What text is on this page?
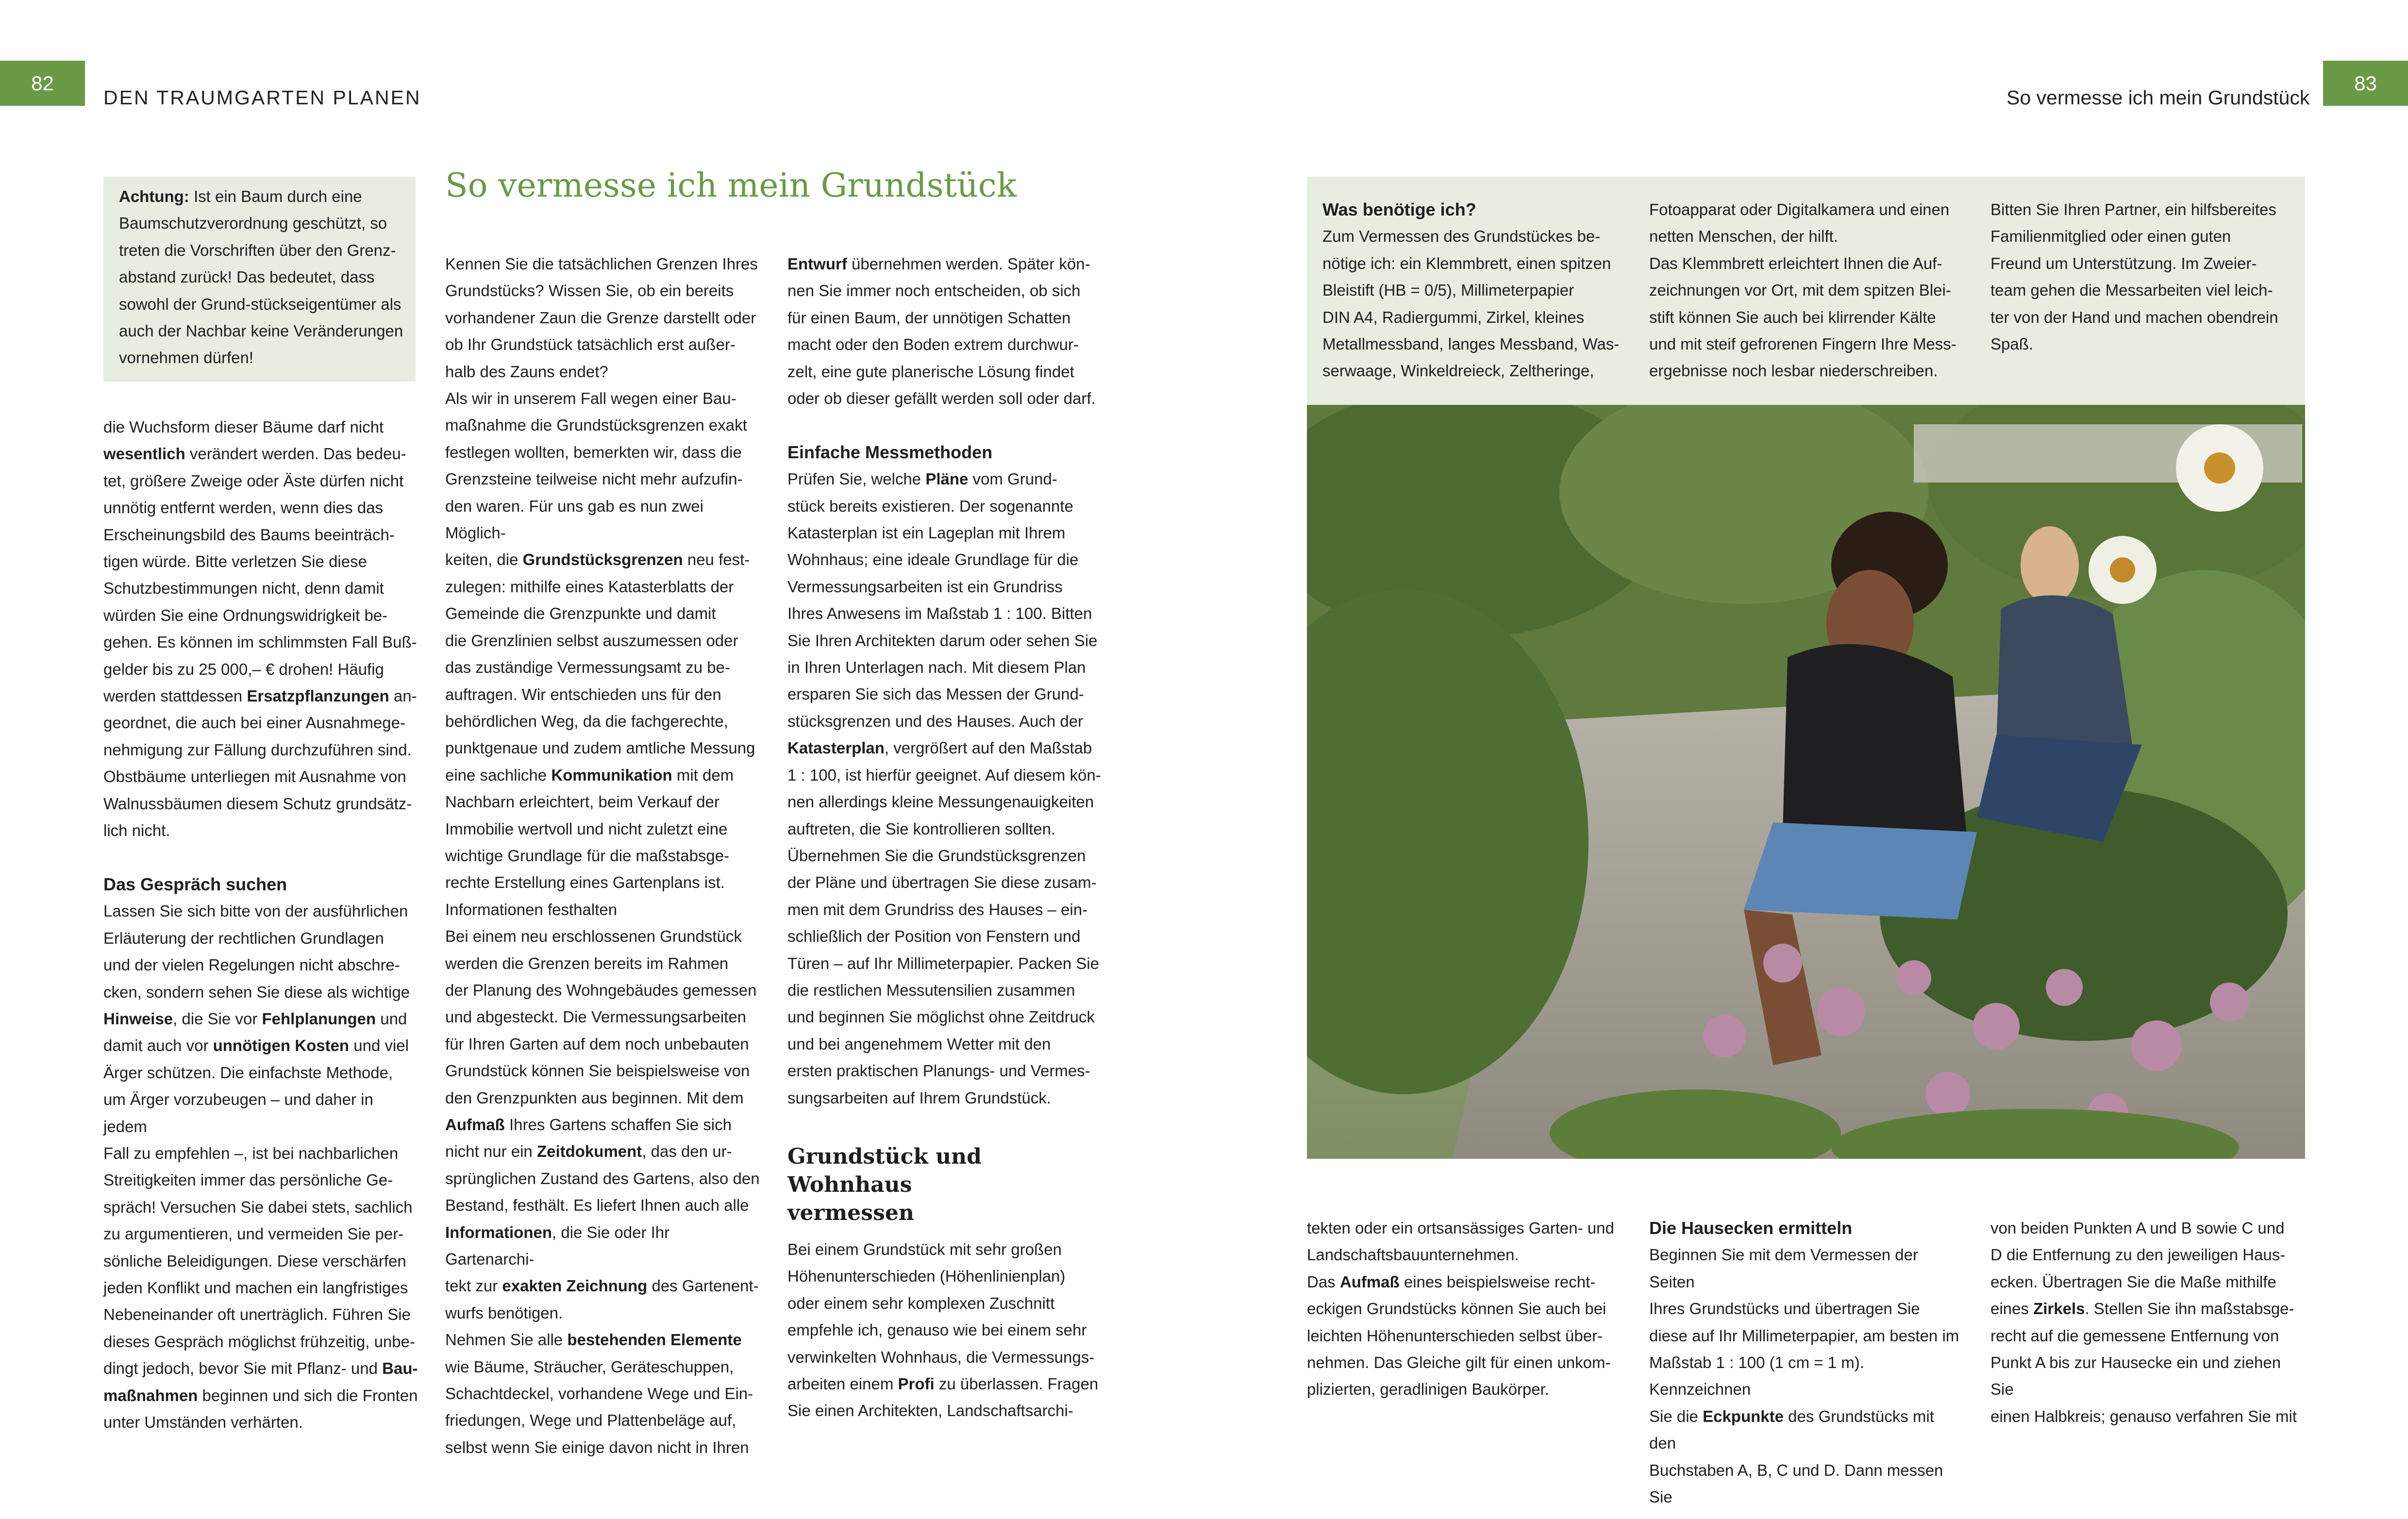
82
DEN TRAUMGARTEN PLANEN	So vermesse ich mein Grundstück
83

Achtung: Ist ein Baum durch eine

Baumschutzverordnung geschützt, so

treten die Vorschriften über den Grenz-

abstand zurück! Das bedeutet, dass

sowohl der Grund-stückseigentümer als

auch der Nachbar keine Veränderungen

vornehmen dürfen!

So vermesse ich mein Grundstück

die Wuchsform dieser Bäume darf nicht

wesentlich verändert werden. Das bedeu-

tet, größere Zweige oder Äste dürfen nicht

unnötig entfernt werden, wenn dies das

Erscheinungsbild des Baums beeinträch-

tigen würde. Bitte verletzen Sie diese

Schutzbestimmungen nicht, denn damit

würden Sie eine Ordnungswidrigkeit be-

gehen. Es können im schlimmsten Fall Buß-

gelder bis zu 25 000,– € drohen! Häufig

werden stattdessen Ersatzpflanzungen an-

geordnet, die auch bei einer Ausnahmege-

nehmigung zur Fällung durchzuführen sind.

Obstbäume unterliegen mit Ausnahme von

Walnussbäumen diesem Schutz grundsätz-

lich nicht.

Das Gespräch suchen

Lassen Sie sich bitte von der ausführlichen

Erläuterung der rechtlichen Grundlagen

und der vielen Regelungen nicht abschre-

cken, sondern sehen Sie diese als wichtige

Hinweise, die Sie vor Fehlplanungen und

damit auch vor unnötigen Kosten und viel

Ärger schützen. Die einfachste Methode,

um Ärger vorzubeugen – und daher in jedem

Fall zu empfehlen –, ist bei nachbarlichen

Streitigkeiten immer das persönliche Ge-

spräch! Versuchen Sie dabei stets, sachlich

zu argumentieren, und vermeiden Sie per-

sönliche Beleidigungen. Diese verschärfen

jeden Konflikt und machen ein langfristiges

Nebeneinander oft unerträglich. Führen Sie

dieses Gespräch möglichst frühzeitig, unbe-

dingt jedoch, bevor Sie mit Pflanz- und Bau-

maßnahmen beginnen und sich die Fronten

unter Umständen verhärten.

Kennen Sie die tatsächlichen Grenzen Ihres

Grundstücks? Wissen Sie, ob ein bereits

vorhandener Zaun die Grenze darstellt oder

ob Ihr Grundstück tatsächlich erst außer-

halb des Zauns endet?

Als wir in unserem Fall wegen einer Bau-

maßnahme die Grundstücksgrenzen exakt

festlegen wollten, bemerkten wir, dass die

Grenzsteine teilweise nicht mehr aufzufin-

den waren. Für uns gab es nun zwei Möglich-

keiten, die Grundstücksgrenzen neu fest-

zulegen: mithilfe eines Katasterblatts der

Gemeinde die Grenzpunkte und damit

die Grenzlinien selbst auszumessen oder

das zuständige Vermessungsamt zu be-

auftragen. Wir entschieden uns für den

behördlichen Weg, da die fachgerechte,

punktgenaue und zudem amtliche Messung

eine sachliche Kommunikation mit dem

Nachbarn erleichtert, beim Verkauf der

Immobilie wertvoll und nicht zuletzt eine

wichtige Grundlage für die maßstabsge-

rechte Erstellung eines Gartenplans ist.

Informationen festhalten

Bei einem neu erschlossenen Grundstück

werden die Grenzen bereits im Rahmen

der Planung des Wohngebäudes gemessen

und abgesteckt. Die Vermessungsarbeiten

für Ihren Garten auf dem noch unbebauten

Grundstück können Sie beispielsweise von

den Grenzpunkten aus beginnen. Mit dem

Aufmaß Ihres Gartens schaffen Sie sich

nicht nur ein Zeitdokument, das den ur-

sprünglichen Zustand des Gartens, also den

Bestand, festhält. Es liefert Ihnen auch alle

Informationen, die Sie oder Ihr Gartenarchi-

tekt zur exakten Zeichnung des Gartenent-

wurfs benötigen.

Nehmen Sie alle bestehenden Elemente

wie Bäume, Sträucher, Geräteschuppen,

Schachtdeckel, vorhandene Wege und Ein-

friedungen, Wege und Plattenbeläge auf,

selbst wenn Sie einige davon nicht in Ihren

Entwurf übernehmen werden. Später kön-

nen Sie immer noch entscheiden, ob sich

für einen Baum, der unnötigen Schatten

macht oder den Boden extrem durchwur-

zelt, eine gute planerische Lösung findet

oder ob dieser gefällt werden soll oder darf.

Einfache Messmethoden

Prüfen Sie, welche Pläne vom Grund-

stück bereits existieren. Der sogenannte

Katasterplan ist ein Lageplan mit Ihrem

Wohnhaus; eine ideale Grundlage für die

Vermessungsarbeiten ist ein Grundriss

Ihres Anwesens im Maßstab 1 : 100. Bitten

Sie Ihren Architekten darum oder sehen Sie

in Ihren Unterlagen nach. Mit diesem Plan

ersparen Sie sich das Messen der Grund-

stücksgrenzen und des Hauses. Auch der

Katasterplan, vergrößert auf den Maßstab

1 : 100, ist hierfür geeignet. Auf diesem kön-

nen allerdings kleine Messungenauigkeiten

auftreten, die Sie kontrollieren sollten.

Übernehmen Sie die Grundstücksgrenzen

der Pläne und übertragen Sie diese zusam-

men mit dem Grundriss des Hauses – ein-

schließlich der Position von Fenstern und

Türen – auf Ihr Millimeterpapier. Packen Sie

die restlichen Messutensilien zusammen

und beginnen Sie möglichst ohne Zeitdruck

und bei angenehmem Wetter mit den

ersten praktischen Planungs- und Vermes-

sungsarbeiten auf Ihrem Grundstück.

Grundstück und Wohnhaus

vermessen

Bei einem Grundstück mit sehr großen

Höhenunterschieden (Höhenlinienplan)

oder einem sehr komplexen Zuschnitt

empfehle ich, genauso wie bei einem sehr

verwinkelten Wohnhaus, die Vermessungs-

arbeiten einem Profi zu überlassen. Fragen

Sie einen Architekten, Landschaftsarchi-

Was benötige ich?

Zum Vermessen des Grundstückes be-

nötige ich: ein Klemmbrett, einen spitzen

Bleistift (HB = 0/5), Millimeterpapier

DIN A4, Radiergummi, Zirkel, kleines

Metallmessband, langes Messband, Was-

serwaage, Winkeldreieck, Zeltheringe,

Fotoapparat oder Digitalkamera und einen

netten Menschen, der hilft.

Das Klemmbrett erleichtert Ihnen die Auf-

zeichnungen vor Ort, mit dem spitzen Blei-

stift können Sie auch bei klirrender Kälte

und mit steif gefrorenen Fingern Ihre Mess-

ergebnisse noch lesbar niederschreiben.

Bitten Sie Ihren Partner, ein hilfsbereites

Familienmitglied oder einen guten

Freund um Unterstützung. Im Zweier-

team gehen die Messarbeiten viel leich-

ter von der Hand und machen obendrein

Spaß.

tekten oder ein ortsansässiges Garten- und

Landschaftsbauunternehmen.

Das Aufmaß eines beispielsweise recht-

eckigen Grundstücks können Sie auch bei

leichten Höhenunterschieden selbst über-

nehmen. Das Gleiche gilt für einen unkom-

plizierten, geradlinigen Baukörper.

Die Hausecken ermitteln

Beginnen Sie mit dem Vermessen der Seiten

Ihres Grundstücks und übertragen Sie

diese auf Ihr Millimeterpapier, am besten im

Maßstab 1 : 100 (1 cm = 1 m). Kennzeichnen

Sie die Eckpunkte des Grundstücks mit den

Buchstaben A, B, C und D. Dann messen Sie

von beiden Punkten A und B sowie C und

D die Entfernung zu den jeweiligen Haus-

ecken. Übertragen Sie die Maße mithilfe

eines Zirkels. Stellen Sie ihn maßstabsge-

recht auf die gemessene Entfernung von

Punkt A bis zur Hausecke ein und ziehen Sie

einen Halbkreis; genauso verfahren Sie mit
